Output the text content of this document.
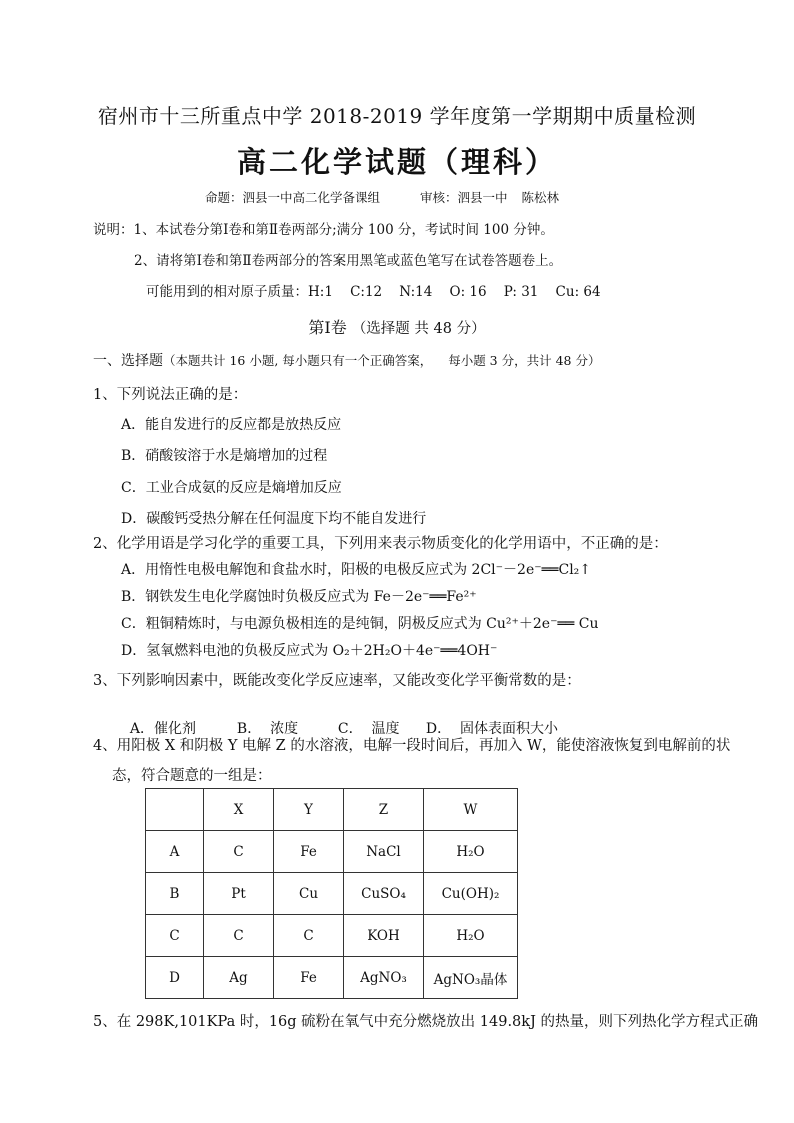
宿州市十三所重点中学 2018-2019 学年度第一学期期中质量检测
高二化学试题（理科）
命题：泗县一中高二化学备课组	审核：泗县一中 陈松林
说明：1、本试卷分第Ⅰ卷和第Ⅱ卷两部分;满分 100 分，考试时间 100 分钟。
2、请将第Ⅰ卷和第Ⅱ卷两部分的答案用黑笔或蓝色笔写在试卷答题卷上。
可能用到的相对原子质量：H:1    C:12    N:14    O: 16    P: 31    Cu: 64
第Ⅰ卷 （选择题 共 48 分）
一、选择题（本题共计 16 小题, 每小题只有一个正确答案，    每小题 3 分，共计 48 分）
1、下列说法正确的是：
A．能自发进行的反应都是放热反应
B．硝酸铵溶于水是熵增加的过程
C．工业合成氨的反应是熵增加反应
D．碳酸钙受热分解在任何温度下均不能自发进行
2、化学用语是学习化学的重要工具，下列用来表示物质变化的化学用语中，不正确的是：
A．用惰性电极电解饱和食盐水时，阳极的电极反应式为 2Cl⁻－2e⁻══Cl₂↑
B．钢铁发生电化学腐蚀时负极反应式为 Fe－2e⁻══Fe²⁺
C．粗铜精炼时，与电源负极相连的是纯铜，阴极反应式为 Cu²⁺＋2e⁻══ Cu
D．氢氧燃料电池的负极反应式为 O₂＋2H₂O＋4e⁻══4OH⁻
3、下列影响因素中，既能改变化学反应速率，又能改变化学平衡常数的是：

A．催化剂	B．  浓度	C．  温度 D．  固体表面积大小

4、用阳极 X 和阴极 Y 电解 Z 的水溶液，电解一段时间后，再加入 W，能使溶液恢复到电解前的状
态，符合题意的一组是：
	X	Y	Z	W
A	C	Fe	NaCl	H₂O
B	Pt	Cu	CuSO₄	Cu(OH)₂
C	C	C	KOH	H₂O
D	Ag	Fe	AgNO₃	AgNO₃晶体
5、在 298K,101KPa 时，16g 硫粉在氧气中充分燃烧放出 149.8kJ 的热量，则下列热化学方程式正确
